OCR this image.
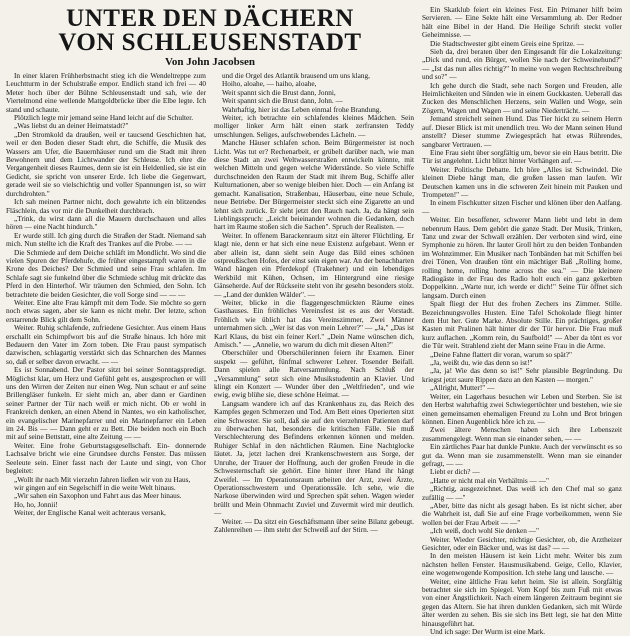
UNTER DEN DÄCHERN
VON SCHLEUSENSTADT
Von John Jacobsen

In einer klaren Frühherbstnacht stieg ich die Wendeltreppe zum Leuchtturm in der Schulstraße empor. Endlich stand ich frei — 40 Meter hoch über der Bühne Schleusenstadt und sah, wie der Viertelmond eine wellende Mattgoldbrücke über die Elbe legte. Ich stand und schaute.

Plötzlich legte mir jemand seine Hand leicht auf die Schulter.

„Was liebst du an deiner Heimatstadt?"

„Den Stromkold da draußen, weil er taucsend Geschichten hat, weil er den Boden dieser Stadt ehrt, die Schiffe, die Musik des Wassers am Ufer, die Bauernhäuser rund um die Stadt mit ihren Bewohnern und dem Lichtwander der Schleuse. Ich ehre die Vergangenheit dieses Raumes, denn sie ist ein Heldenlied, sie ist ein Gedicht, sie spricht von unserer Erde. Ich liebe die Gegenwart, gerade weil sie so vielschichtig und voller Spannungen ist, so wirr durchdrohten."

Ich sah meinen Partner nicht, doch gewahrte ich ein blitzendes Fläschlein, das vor mir die Dunkelheit durchbrach.

„Trink, du wirst dann all die Mauern durchschauen und alles hören — eine Nacht hindurch."

Er wurde still. Ich ging durch die Straßen der Stadt. Niemand sah mich. Nun stellte ich die Kraft des Trankes auf die Probe. — —

Die Schmiede auf dem Deiche schläft im Mondlicht. Wo sind die vielen Spuren der Pferdehufe, die früher eingestampft waren in die Krone des Deiches? Der Schmied und seine Frau schlafen. Im Schlafe sagt sie funkelnd über die Schmiede schlug mit drückte das Pferd in den Hinterhof. Wir träumen den Schmied, den Sohn. Ich betrachtete die beiden Gesichter, die voll Sorge sind — — —

Weiter. Eine alte Frau kämpft mit dem Tode. Sie möchte so gern noch etwas sagen, aber sie kann es nicht mehr. Der letzte, schon erstarrende Blick gilt dem Sohn.

Weiter. Ruhig schlafende, zufriedene Gesichter. Aus einem Haus erschallt ein Schimpfwort bis auf die Straße hinaus. Ich höre mit Bedauern den Vater im Zorn toben. Die Frau paust sympatisch dazwischen, schlagartig verstärkt sich das Schnarchen des Mannes so, daß er selber davon erwacht. — —

Es ist Sonnabend. Der Pastor sitzt bei seiner Sonntagspredigt. Möglichst klar, um Herz und Gefühl geht es, ausgesprochen er will uns den Wirren der Zeiten nur einen Weg. Nun schaut er auf seine Brillengläser funkeln. Er sieht mich an, aber dann er Gardinen seiner Partner der Tür nach weiß er mich nicht. Ob er wohl in Frankreich denken, an einen Abend in Nantes, wo ein katholischer, ein evangelischer Marinepfarrer und ein Marinepfarrer ein Leben im 24. Bis — — Dann geht er zu Bett. Die beiden noch ein Buch mit auf seine Bettstatt, eine alte Zeitung — —

Weiter. Eine frohe Geburtstagsgesellschaft. Ein- donnernde Lachsalve bricht wie eine Grundsee durchs Fenster. Das müssen Seeleute sein. Einer fasst nach der Laute und singt, von Chor begleitet:

„Wollt ihr nach Mit vierzehn Jahren ließen wir von zu Haus,

wir gingen auf ein Segelschiff in die weite Welt hinaus.

„Wir sahen ein Saxophon und Fahrt aus das Meer hinaus.

Ho, ho, Jonnii!

Weiter, der Englische Kanal weit achteraus versank,

und die Orgel des Atlantik brausend um uns klang,

Hoiho, aloahe, — haiho, aloahe,

Weit spannt sich die Brust dann, Jonni,

Weit spannt sich die Brust dann, John. —

Wahrhaftig, hier ist das Leben einmal frohe Brandung.

Weiter, ich betrachte ein schlafendes kleines Mädchen. Sein molliger linker Arm hält einen stark zerfransten Teddy umschlungen. Seliges, aufschwebendes Lächeln. —

Manche Häuser schlafen schon. Beim Bürgermeister ist noch Licht. Was tut er? Rechenarbeit, er grübelt darüber nach, wie man diese Stadt an zwei Weltwasserstraßen entwickeln könnte, mit welchen Mitteln und gegen welche Widerstände. So viele Schiffe durchschneiden den Raum der Stadt mit ihrem Bug, Schiffe aller Kulturnationen, aber so wenige bleiben hier. Doch — ein Anfang ist gemacht. Kanalisation, Straßenbau, Häuserbau, eine neue Schule, neue Betriebe. Der Bürgermeister steckt sich eine Zigarette an und lehnt sich zurück. Er sieht jetzt den Rauch nach. Ja, da hängt sein Lieblingsspruch: „Leicht beieinander wohnen die Gedanken, doch hart im Raume stoßen sich die Sachen". Spruch der Realisten. —

Weiter. In offenem Barackenraum sitzt ein älterer Flüchtling. Er klagt nie, denn er hat sich eine neue Existenz aufgebaut. Wenn er aber allein ist, dann sieht sein Auge das Bild eines schönen ostpreußischen Hofes, der einst sein eigen war. An der benachbarten Wand hängen ein Pferdekopf (Trakehner) und ein lebendiges Werkbild mit Kühen, Ochsen, im Hintergrund eine riesige Gänseherde. Auf der Rückseite steht von ihr gesehn besonders stolz. — „Land der dunklen Wälder". —

Weiter, blicke in die flaggengeschmückten Räume eines Gasthauses. Ein fröhliches Vereinsfest ist es aus der Vorstadt. Fröhlich wie üblich hat das Vereinszimmer, Zwei Männer unternahmen sich. „Wer ist das von mein Lehrer?" — „Ja," „Das ist Karl Klaus, du bist ein feiner Kerl." „Dein Name wünschen dich, Amisch." — „Annelie, wo warum du dich mit diesen Alten?"

Oberschüler und Oberschülerinnen feiern ihr Examen. Einer suspekt — geführt, fünfmal schwerer Lehrer. Tosender Beifall. Dann spielen alle Ratversammlung. Nach Schluß der „Versammlung" setzt sich eine Musikstudentin an Klavier. Und klingt ein Konzert — Wunder über den „Weltfrieden", und wie ewig, ewig blühe sie, diese schöne Heimat. —

Langsam wandere ich auf das Krankenhaus zu, das Reich des Kampfes gegen Schmerzen und Tod. Am Bett eines Operierten sitzt eine Schwester. Sie soll, daß sie auf den vierzehnten Patienten darf zu überwachen hat, besonders die kritischen Fälle. Sie muß Verschlechterung des Befindens erkennen können und melden. Ruhiger Schlaf in den nächtlichen Räumen. Eine Nachtglocke läutet. Ja, jetzt lachen drei Krankenschwestern aus Sorge, der Unruhe, der Trauer der Hoffnung, auch der großen Freude in die Schwesternschaft sie gehört. Eine hinter ihrer Hand ihr hängt Zweifel. — Im Operationsraum arbeiten der Arzt, zwei Ärzte, Operationsschwestern und Operationssäle. Ich sehe, wie die Narkose überwinden wird und Sprechen spät sehen. Wagen wieder brüllt und Mein Ohnmacht Zuviel und Zuvermit wird mir deutlich. —

Weiter. — Da sitzt ein Geschäftsmann über seine Bilanz gebeugt. Zahlenreihen — ihm steht der Schweiß auf der Stirn. —

Ein Skatklub feiert ein kleines Fest. Ein Primaner hilft beim Servieren. — Eine Sekte hält eine Versammlung ab. Der Redner hält eine Bibel in der Hand. Die Heilige Schrift steckt voller Geheimnisse. —

Die Stadtschwester gibt einem Greis eine Spritze. —

Sieh da, drei beraten über den Eingesandt für die Lokalzeitung: „Dick und rund, ein Bürger, wollen Sie nach der Schweinehund?" — „Ist das nun alles richtig?" In meine von wegen Rechtschreibung und so?" —

Ich gehe durch die Stadt, sehe nach Sorgen und Freuden, alle Heimlichkeiten und Sünden wie in einem Guckkasten. Ueberall das Zucken des Menschlichen Herzens, sein Wallen und Woge, sein Zögern, Wagen und Wagen — und seine Niederträcht. —

Jemand streichelt seinen Hund. Das Tier hickt zu seinem Herrn auf. Dieser Blick ist mit unendlich treu. Wo der Mann seinen Hund anstellt? Dieser stumme Zwiegespräch hat etwas Rührendes, sangbarer Vertrauen. —

Eine Frau sieht über sorgfältig um, bevor sie ein Haus betritt. Die Tür ist angelehnt. Licht blitzt hinter Vorhängen auf. —

Weiter. Politische Debatte. Ich höre „Alles ist Schwindel. Die kleinen Diebe hängt man, die großen lassen man laufen. Wir Deutschen kamen uns in die schweren Zeit hinein mit Pauken und Trompeten!" —

In einem Fischkutter sitzen Fischer und klönen über den Aalfang. —

Weiter. Ein besoffener, schwerer Mann liebt und lebt in dem nebenrum Haus. Dem gehört die ganze Stadt. Der Musik, Trinken, Tanz und zwar der Schwall erzählen. Der verboten sind wird, eine Symphonie zu hören. Ihr lauter Groll hört zu den beiden Tonbanden im Wohnzimmer. Ein Musiker nach Tonbänden hat mit Schiffen bei drei Tönen, Von draußen tönt ein mächtiger Baß „Rolling home, rolling home, rolling home across the sea." — Die kleinere Radiogäste in der Frau des Radio holt euch ein ganz gekerbten Doppelkinn. „Warte nur, ich werde er dich!" Seine Tür öffnet sich langsam. Durch einen

Spalt fliegt der Hut des frohen Zechers ins Zimmer. Stille. Bezeichnungsvolles Husten. Eine Tafel Schokolade fliegt hinter dem Hut her. Gute Marke. Absolute Stille. Ein prächtiges, großer Kasten mit Pralinen hält hinter dir der Tür hervor. Die Frau muß kurz auflachen. „Komm rein, du Saufbold!" — Aber da tönt es vor die Tür weit. Strahlend zieht der Mann seine Frau in die Arme.

„Deine Fahne flattert dir voran, warum so spät?"

„Ja, weißt du, wie das denn so ist!"

„Ja, ja! Wie das denn so ist!" Sehr plausible Begründung. Du kriegst jetzt saure Rippen dazu an den Kasten — morgen."

„Allright, Mutter!" —

Weiter, ein Lagerhaus besuchen wir Leben und Sterben. Sie ist den Herbst wahrhaftig zwei Schwiegertöchter und bestehen, wie sie einen gemeinsamen ehemaligen Freund zu Lohn und Brot bringen können. Einen Augenblick höre ich zu. —

Zwei ältere Menschen haben sich ihre Lebenszeit zusammengelegt. Wenn man sie einander sehen, — —

Ein zärtliches Paar hat dunkle Punkte. Auch der verwünscht es so gut da. Wenn man sie zusammenstellt. Wenn man sie einander gefragt, — —

Liebt er dich? —

„Hatte er nicht mal ein Verhältnis — —"

„Richtig, ausgezeichnet. Das weiß ich den Chef mal so ganz zufällig — —"

„Aber, bitte das nicht als gesagt haben. Es ist nicht sicher, aber die Wahrheit ist, daß Sie auf eine Frage vorbeikommen, wenn Sie wollen bei der Frau Arbeit — —"

„Ich weiß, doch wohl Sie denken —"

Weiter. Wieder Gesichter, nichtige Gesichter, ob, die Arztheizer Gesichter, oder ein Bäcker und, was ist das? — —

In den meisten Häusern ist kein Licht mehr. Weiter bis zum nächsten hellen Fenster. Hausmusikabend. Geige, Cello, Klavier, eine wogenwogende Komposition. Ich stehe lang und lausche. —

Weiter, eine ältliche Frau kehrt heim. Sie ist allein. Sorgfältig betrachtet sie sich im Spiegel. Vom Kopf bis zum Fuß mit etwas von einer Ängstlichkeit. Nach einem längeren Zeitraum beginnt sie gegen das Altern. Sie hat ihren dunklen Gedanken, sich mit Würde älter werden zu sehen. Bis sie sich ins Bett legt, sie hat den Mitte hinausgeführt hat.

Und ich sage: Der Wurm ist eine Mark.
